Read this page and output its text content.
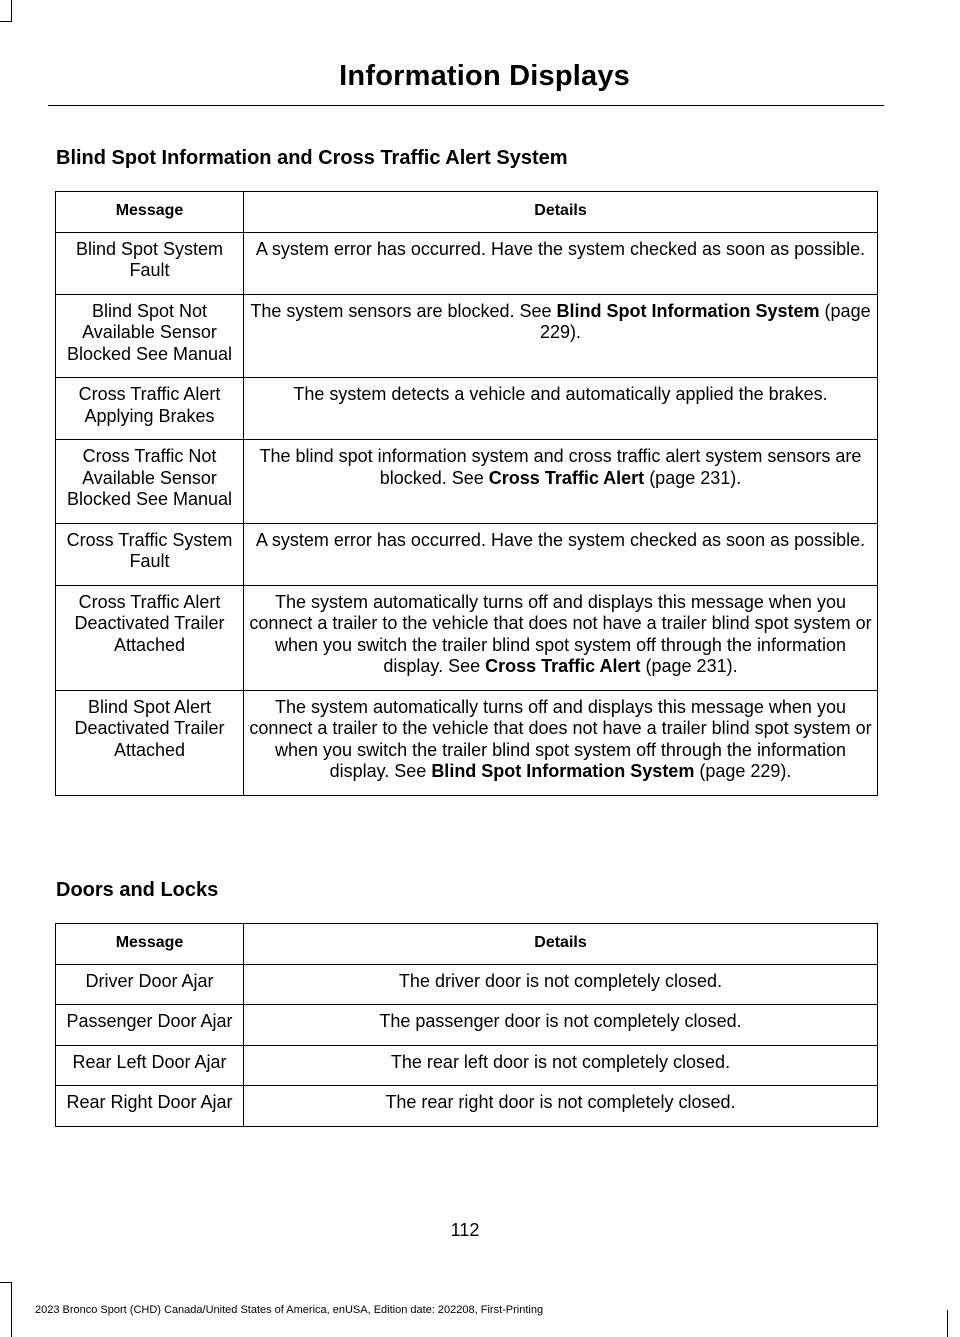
Information Displays
Blind Spot Information and Cross Traffic Alert System
Message	Details
Blind Spot System Fault	A system error has occurred. Have the system checked as soon as possible.
Blind Spot Not Available Sensor Blocked See Manual	The system sensors are blocked. See Blind Spot Information System (page 229).
Cross Traffic Alert Applying Brakes	The system detects a vehicle and automatically applied the brakes.
Cross Traffic Not Available Sensor Blocked See Manual	The blind spot information system and cross traffic alert system sensors are blocked. See Cross Traffic Alert (page 231).
Cross Traffic System Fault	A system error has occurred. Have the system checked as soon as possible.
Cross Traffic Alert Deactivated Trailer Attached	The system automatically turns off and displays this message when you connect a trailer to the vehicle that does not have a trailer blind spot system or when you switch the trailer blind spot system off through the information display. See Cross Traffic Alert (page 231).
Blind Spot Alert Deactivated Trailer Attached	The system automatically turns off and displays this message when you connect a trailer to the vehicle that does not have a trailer blind spot system or when you switch the trailer blind spot system off through the information display. See Blind Spot Information System (page 229).
Doors and Locks
Message	Details
Driver Door Ajar	The driver door is not completely closed.
Passenger Door Ajar	The passenger door is not completely closed.
Rear Left Door Ajar	The rear left door is not completely closed.
Rear Right Door Ajar	The rear right door is not completely closed.
112
2023 Bronco Sport (CHD) Canada/United States of America, enUSA, Edition date: 202208, First-Printing
